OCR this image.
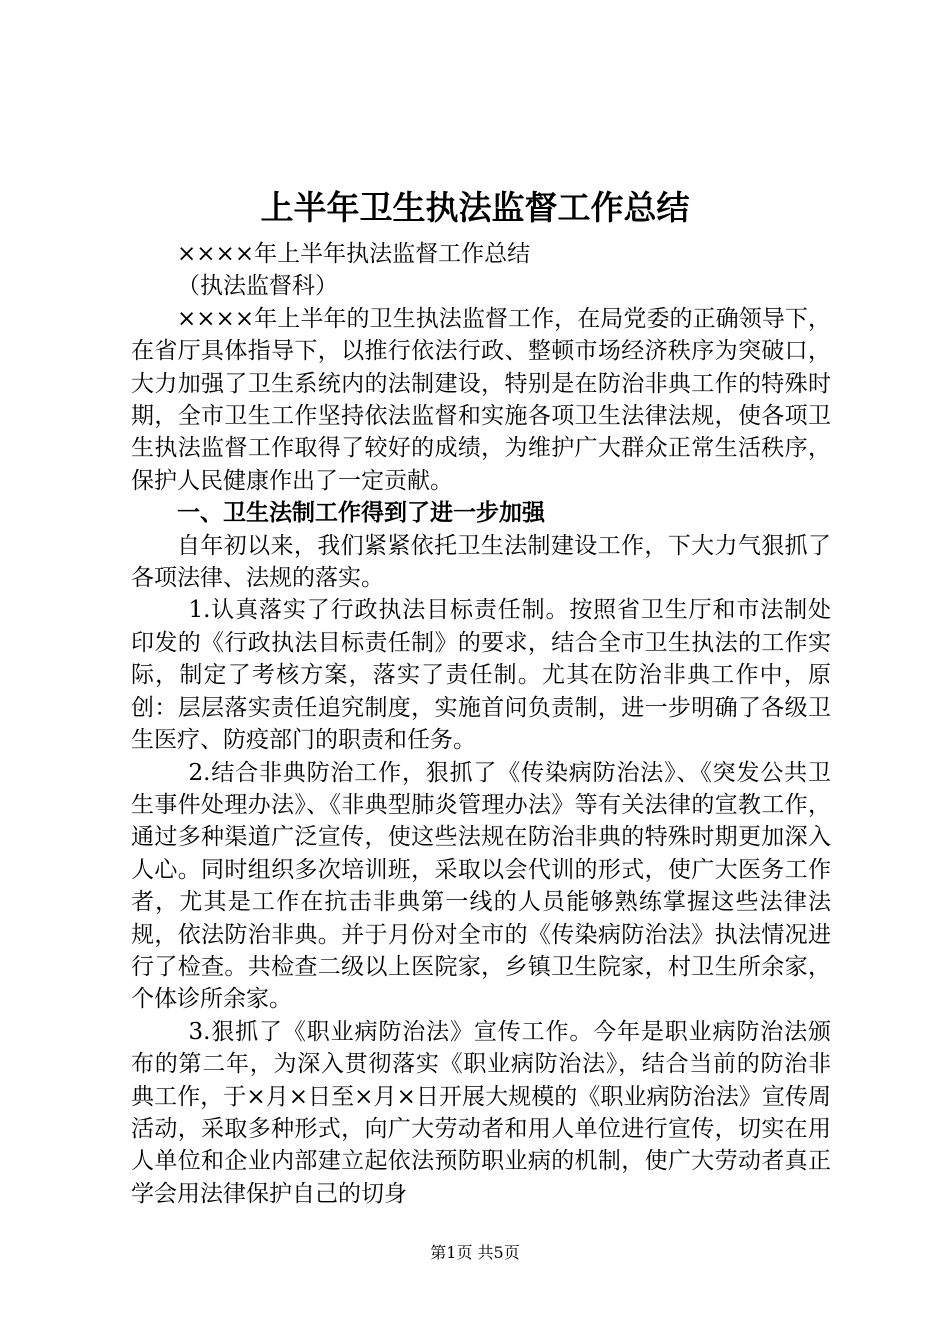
上半年卫生执法监督工作总结

××××年上半年执法监督工作总结

（执法监督科）

××××年上半年的卫生执法监督工作，在局党委的正确领导下，在省厅具体指导下，以推行依法行政、整顿市场经济秩序为突破口，大力加强了卫生系统内的法制建设，特别是在防治非典工作的特殊时期，全市卫生工作坚持依法监督和实施各项卫生法律法规，使各项卫生执法监督工作取得了较好的成绩，为维护广大群众正常生活秩序，保护人民健康作出了一定贡献。

一、卫生法制工作得到了进一步加强

自年初以来，我们紧紧依托卫生法制建设工作，下大力气狠抓了各项法律、法规的落实。

1.认真落实了行政执法目标责任制。按照省卫生厅和市法制处印发的《行政执法目标责任制》的要求，结合全市卫生执法的工作实际，制定了考核方案，落实了责任制。尤其在防治非典工作中，原创：层层落实责任追究制度，实施首问负责制，进一步明确了各级卫生医疗、防疫部门的职责和任务。

2.结合非典防治工作，狠抓了《传染病防治法》、《突发公共卫生事件处理办法》、《非典型肺炎管理办法》等有关法律的宣教工作，通过多种渠道广泛宣传，使这些法规在防治非典的特殊时期更加深入人心。同时组织多次培训班，采取以会代训的形式，使广大医务工作者，尤其是工作在抗击非典第一线的人员能够熟练掌握这些法律法规，依法防治非典。并于月份对全市的《传染病防治法》执法情况进行了检查。共检查二级以上医院家，乡镇卫生院家，村卫生所余家，个体诊所余家。

3.狠抓了《职业病防治法》宣传工作。今年是职业病防治法颁布的第二年，为深入贯彻落实《职业病防治法》，结合当前的防治非典工作，于×月×日至×月×日开展大规模的《职业病防治法》宣传周活动，采取多种形式，向广大劳动者和用人单位进行宣传，切实在用人单位和企业内部建立起依法预防职业病的机制，使广大劳动者真正学会用法律保护自己的切身

第1页 共5页
